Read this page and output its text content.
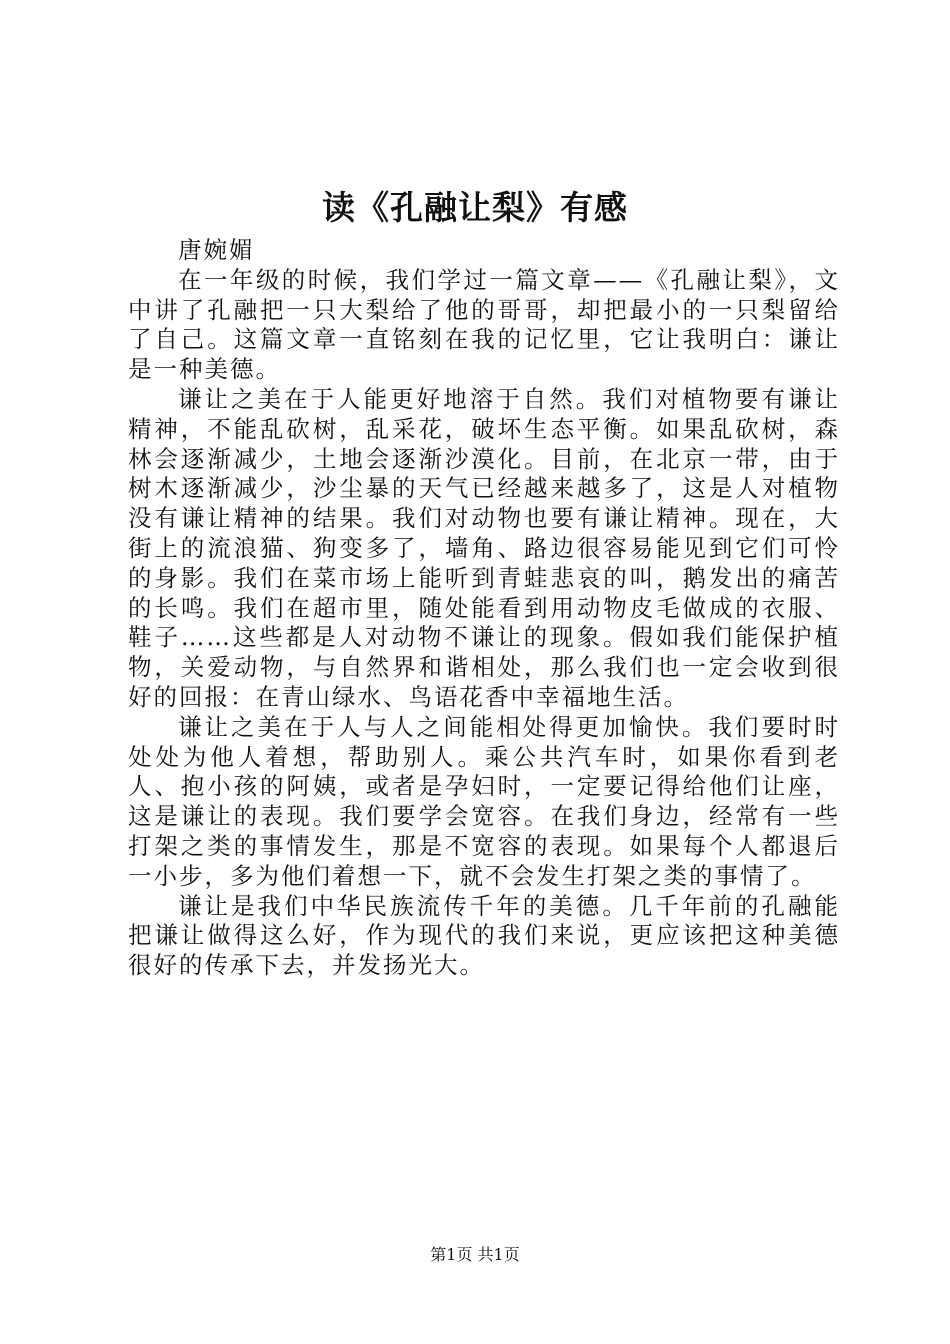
读《孔融让梨》有感

唐婉媚

在一年级的时候，我们学过一篇文章——《孔融让梨》，文中讲了孔融把一只大梨给了他的哥哥，却把最小的一只梨留给了自己。这篇文章一直铭刻在我的记忆里，它让我明白：谦让是一种美德。

谦让之美在于人能更好地溶于自然。我们对植物要有谦让精神，不能乱砍树，乱采花，破坏生态平衡。如果乱砍树，森林会逐渐减少，土地会逐渐沙漠化。目前，在北京一带，由于树木逐渐减少，沙尘暴的天气已经越来越多了，这是人对植物没有谦让精神的结果。我们对动物也要有谦让精神。现在，大街上的流浪猫、狗变多了，墙角、路边很容易能见到它们可怜的身影。我们在菜市场上能听到青蛙悲哀的叫，鹅发出的痛苦的长鸣。我们在超市里，随处能看到用动物皮毛做成的衣服、鞋子……这些都是人对动物不谦让的现象。假如我们能保护植物，关爱动物，与自然界和谐相处，那么我们也一定会收到很好的回报：在青山绿水、鸟语花香中幸福地生活。

谦让之美在于人与人之间能相处得更加愉快。我们要时时处处为他人着想，帮助别人。乘公共汽车时，如果你看到老人、抱小孩的阿姨，或者是孕妇时，一定要记得给他们让座，这是谦让的表现。我们要学会宽容。在我们身边，经常有一些打架之类的事情发生，那是不宽容的表现。如果每个人都退后一小步，多为他们着想一下，就不会发生打架之类的事情了。

谦让是我们中华民族流传千年的美德。几千年前的孔融能把谦让做得这么好，作为现代的我们来说，更应该把这种美德很好的传承下去，并发扬光大。

第1页 共1页
